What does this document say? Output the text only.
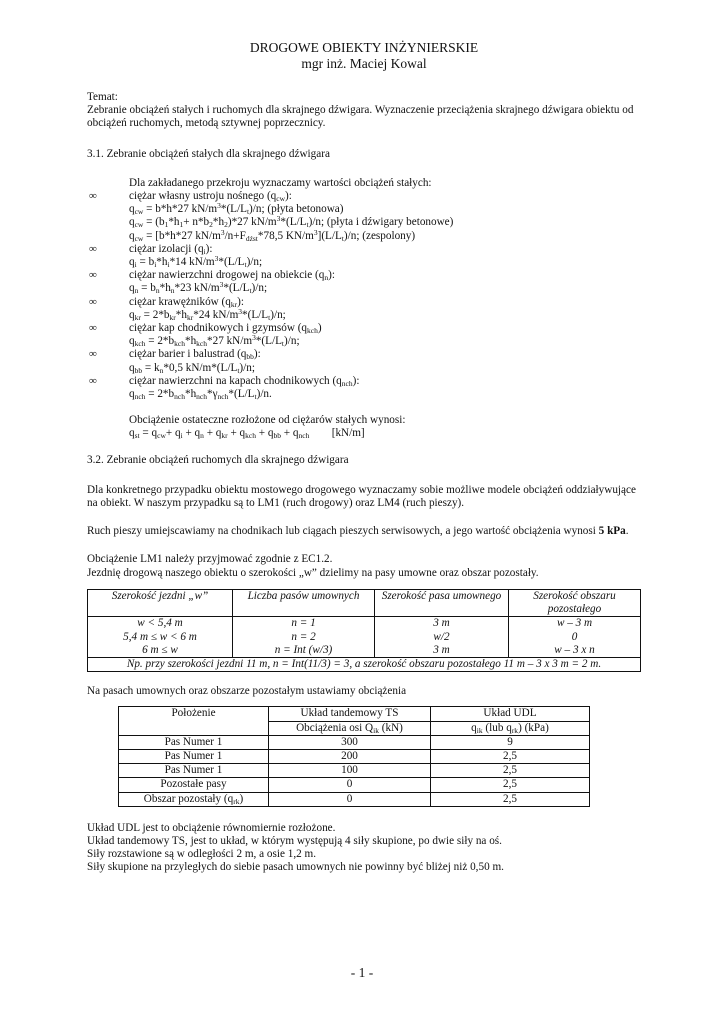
DROGOWE OBIEKTY INŻYNIERSKIE
mgr inż. Maciej Kowal

Temat:

Zebranie obciążeń stałych i ruchomych dla skrajnego dźwigara. Wyznaczenie przeciążenia skrajnego dźwigara obiektu od obciążeń ruchomych, metodą sztywnej poprzecznicy.

3.1. Zebranie obciążeń stałych dla skrajnego dźwigara

Dla zakładanego przekroju wyznaczamy wartości obciążeń stałych:

∞	ciężar własny ustroju nośnego $(q_{cw})$:
$q_{cw} = b*h*27$ $kN/m^3*(L/L_t)/n$; (płyta betonowa)
$q_{cw} = (b_1*h_1+ n*b_2*h_2)*27$ $kN/m^3*(L/L_t)/n$; (płyta i dźwigary betonowe)
$q_{cw} = [b*h*27$ $kN/m^3/n+F_{dźst}*78,5$ $KN/m^3](L/L_t)/n$; (zespolony)
∞	ciężar izolacji $(q_i)$:
$q_i = b_i*h_i*14$ $kN/m^3*(L/L_t)/n$;
∞	ciężar nawierzchni drogowej na obiekcie $(q_n)$:
$q_n = b_n*h_n*23$ $kN/m^3*(L/L_t)/n$;
∞	ciężar krawężników $(q_{kr})$:
$q_{kr} = 2*b_{kr}*h_{kr}*24$ $kN/m^3*(L/L_t)/n$;
∞	ciężar kap chodnikowych i gzymsów $(q_{kch})$
$q_{kch} = 2*b_{kch}*h_{kch}*27$ $kN/m^3*(L/L_t)/n$;
∞	ciężar barier i balustrad $(q_{bb})$:
$q_{bb} = k_n*0,5$ $kN/m*(L/L_t)/n$;
∞	ciężar nawierzchni na kapach chodnikowych $(q_{nch})$:
$q_{nch} = 2*b_{nch}*h_{nch}*\gamma_{nch}*(L/L_t)/n$.

Obciążenie ostateczne rozłożone od ciężarów stałych wynosi:

$q_{st} = q_{cw}+ q_i + q_n + q_{kr} + q_{kch} + q_{bb} + q_{nch}$ [kN/m]

3.2. Zebranie obciążeń ruchomych dla skrajnego dźwigara

Dla konkretnego przypadku obiektu mostowego drogowego wyznaczamy sobie możliwe modele obciążeń oddziaływujące na obiekt. W naszym przypadku są to LM1 (ruch drogowy) oraz LM4 (ruch pieszy).

Ruch pieszy umiejscawiamy na chodnikach lub ciągach pieszych serwisowych, a jego wartość obciążenia wynosi 5 kPa.

Obciążenie LM1 należy przyjmować zgodnie z EC1.2.

Jezdnię drogową naszego obiektu o szerokości „w” dzielimy na pasy umowne oraz obszar pozostały.

Szerokość jezdni „w”	Liczba pasów umownych	Szerokość pasa umownego	Szerokość obszaru pozostałego
w < 5,4 m	n = 1	3 m	w – 3 m
5,4 m ≤ w < 6 m	n = 2	w/2	0
6 m ≤ w	n = Int (w/3)	3 m	w – 3 x n
Np. przy szerokości jezdni 11 m, n = Int(11/3) = 3, a szerokość obszaru pozostałego 11 m – 3 x 3 m = 2 m.			

Na pasach umownych oraz obszarze pozostałym ustawiamy obciążenia

Położenie	Układ tandemowy TS	Układ UDL
	Obciążenia osi $Q_{ik}$ (kN)	$q_{ik}$ (lub $q_{rk}$) (kPa)
Pas Numer 1	300	9
Pas Numer 1	200	2,5
Pas Numer 1	100	2,5
Pozostałe pasy	0	2,5
Obszar pozostały $(q_{rk})$	0	2,5

Układ UDL jest to obciążenie równomiernie rozłożone.

Układ tandemowy TS, jest to układ, w którym występują 4 siły skupione, po dwie siły na oś.

Siły rozstawione są w odległości 2 m, a osie 1,2 m.

Siły skupione na przyległych do siebie pasach umownych nie powinny być bliżej niż 0,50 m.

- 1 -
